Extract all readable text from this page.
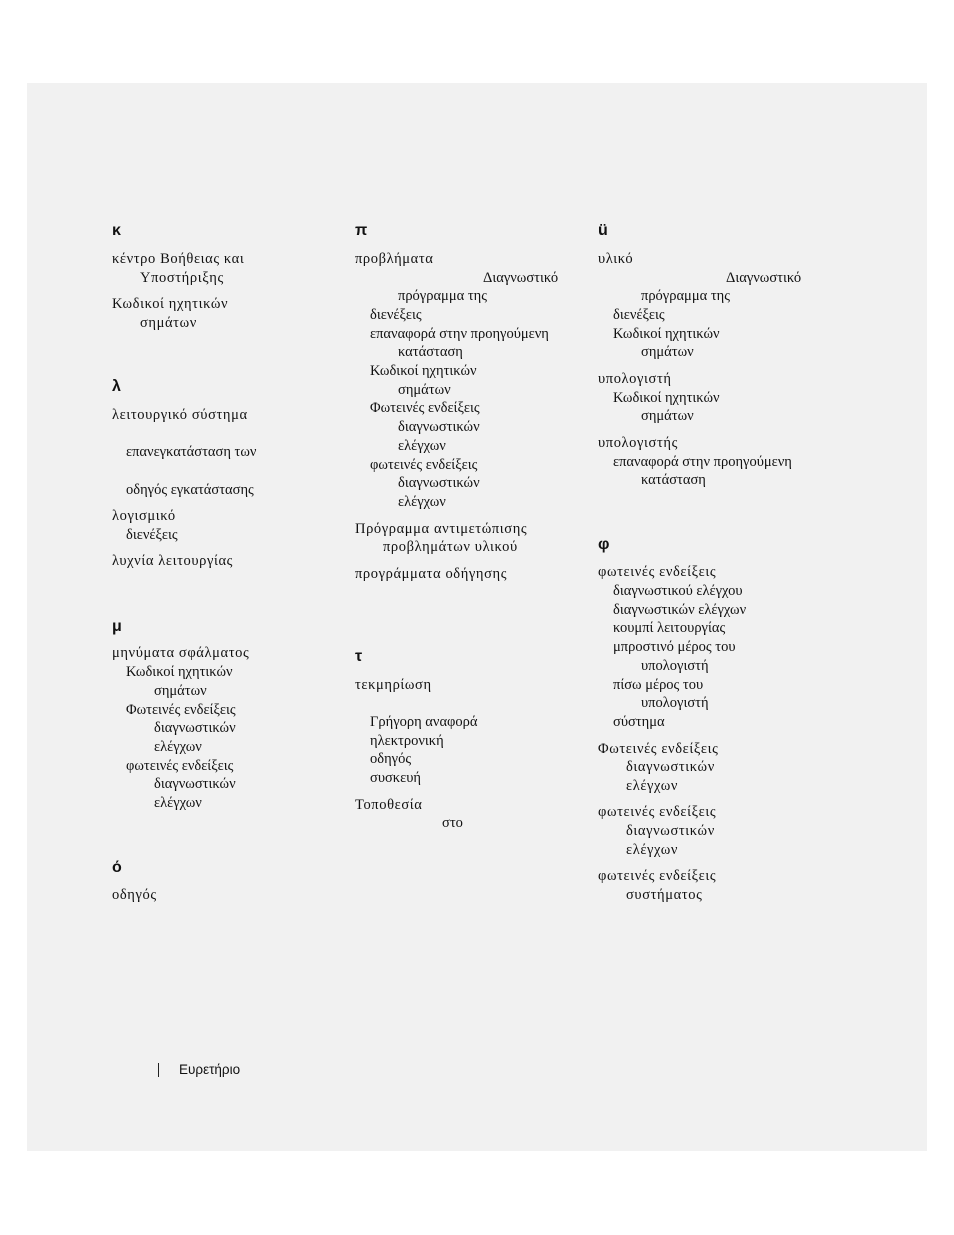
κ
κέντρο Βοήθειας και
Υποστήριξης
Κωδικοί ηχητικών
σημάτων
λ
λειτουργικό σύστημα
επανεγκατάσταση των
οδηγός εγκατάστασης
λογισμικό
διενέξεις
λυχνία λειτουργίας
μ
μηνύματα σφάλματος
Κωδικοί ηχητικών
σημάτων
Φωτεινές ενδείξεις
διαγνωστικών
ελέγχων
φωτεινές ενδείξεις
διαγνωστικών
ελέγχων
ό
οδηγός
π
προβλήματα
Διαγνωστικό
πρόγραμμα της
διενέξεις
επαναφορά στην προηγούμενη
κατάσταση
Κωδικοί ηχητικών
σημάτων
Φωτεινές ενδείξεις
διαγνωστικών
ελέγχων
φωτεινές ενδείξεις
διαγνωστικών
ελέγχων
Πρόγραμμα αντιμετώπισης
προβλημάτων υλικού
προγράμματα οδήγησης
τ
τεκμηρίωση
Γρήγορη αναφορά
ηλεκτρονική
οδηγός
συσκευή
Τοποθεσία
στο
ü
υλικό
Διαγνωστικό
πρόγραμμα της
διενέξεις
Κωδικοί ηχητικών
σημάτων
υπολογιστή
Κωδικοί ηχητικών
σημάτων
υπολογιστής
επαναφορά στην προηγούμενη
κατάσταση
φ
φωτεινές ενδείξεις
διαγνωστικού ελέγχου
διαγνωστικών ελέγχων
κουμπί λειτουργίας
μπροστινό μέρος του
υπολογιστή
πίσω μέρος του
υπολογιστή
σύστημα
Φωτεινές ενδείξεις
διαγνωστικών
ελέγχων
φωτεινές ενδείξεις
διαγνωστικών
ελέγχων
φωτεινές ενδείξεις
συστήματος
Ευρετήριο
